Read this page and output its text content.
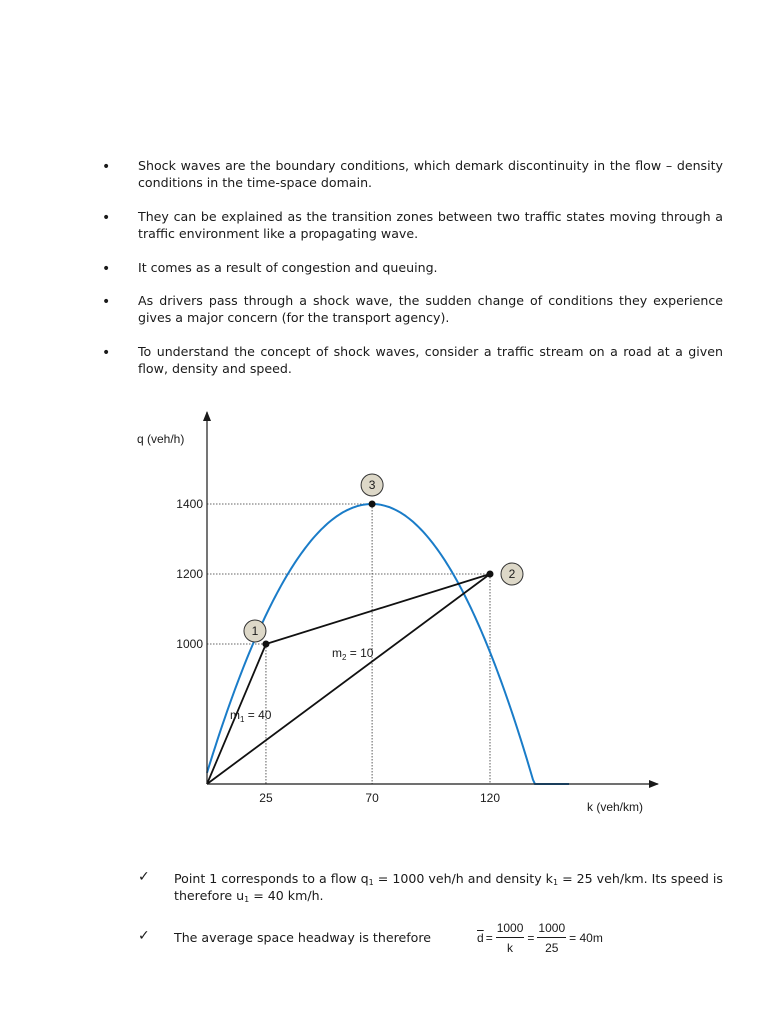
• Shock waves are the boundary conditions, which demark discontinuity in the flow – density conditions in the time-space domain.
• They can be explained as the transition zones between two traffic states moving through a traffic environment like a propagating wave.
• It comes as a result of congestion and queuing.
• As drivers pass through a shock wave, the sudden change of conditions they experience gives a major concern (for the transport agency).
• To understand the concept of shock waves, consider a traffic stream on a road at a given flow, density and speed.
q (veh/h)
k (veh/km)
1000
1200
1400
25	70	120
1
2
3
$m_1 = 40$
$m_2 = 10$
✓ Point 1 corresponds to a flow $q_1 = 1000$ veh/h and density $k_1 = 25$ veh/km. Its speed is therefore $u_1 = 40$ km/h.
✓ The average space headway is therefore	$\overline{d} = \frac{1000}{k} = \frac{1000}{25} = 40m$
